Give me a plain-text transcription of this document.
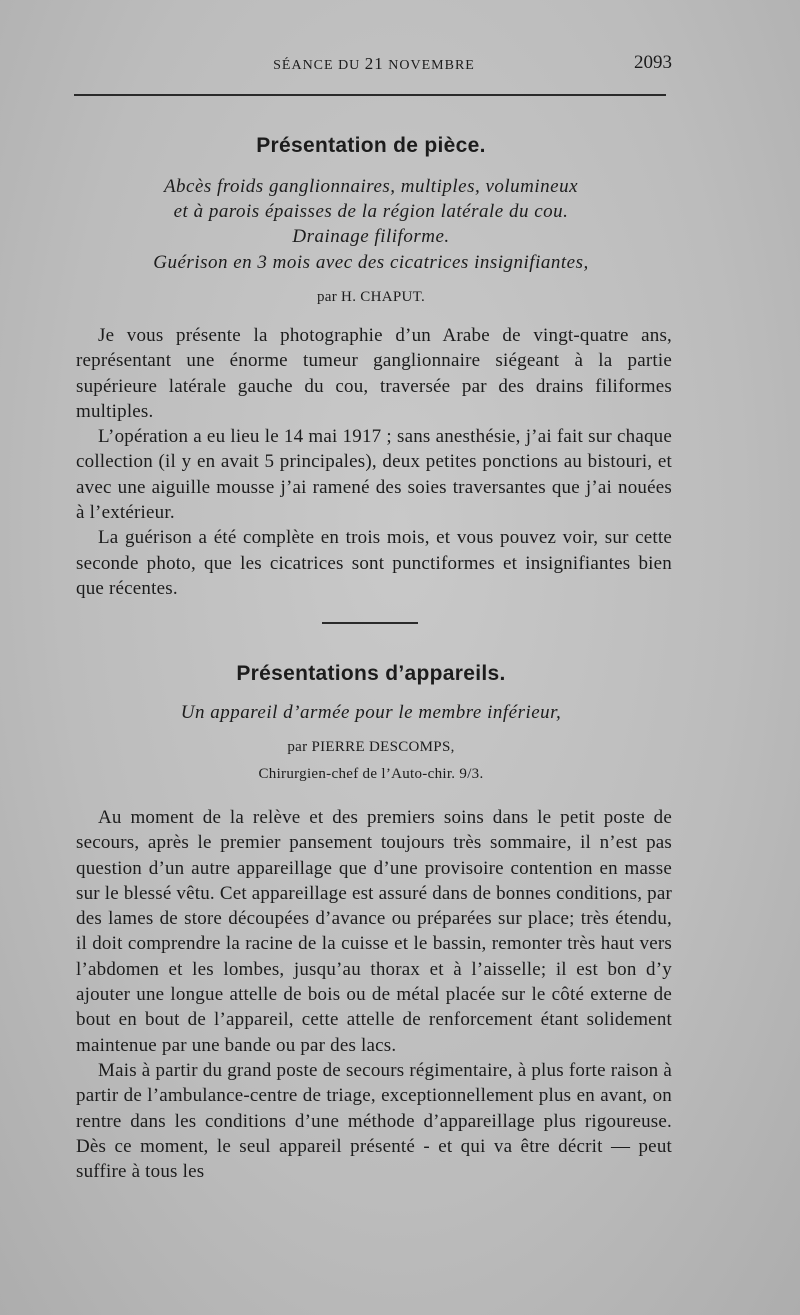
SÉANCE DU 21 NOVEMBRE	2093
Présentation de pièce.
Abcès froids ganglionnaires, multiples, volumineux
et à parois épaisses de la région latérale du cou.
Drainage filiforme.
Guérison en 3 mois avec des cicatrices insignifiantes,
par H. CHAPUT.

Je vous présente la photographie d’un Arabe de vingt-quatre ans, représentant une énorme tumeur ganglionnaire siégeant à la partie supérieure latérale gauche du cou, traversée par des drains filiformes multiples.

L’opération a eu lieu le 14 mai 1917 ; sans anesthésie, j’ai fait sur chaque collection (il y en avait 5 principales), deux petites ponctions au bistouri, et avec une aiguille mousse j’ai ramené des soies traversantes que j’ai nouées à l’extérieur.

La guérison a été complète en trois mois, et vous pouvez voir, sur cette seconde photo, que les cicatrices sont punctiformes et insignifiantes bien que récentes.

Présentations d’appareils.
Un appareil d’armée pour le membre inférieur,
par PIERRE DESCOMPS,
Chirurgien-chef de l’Auto-chir. 9/3.

Au moment de la relève et des premiers soins dans le petit poste de secours, après le premier pansement toujours très sommaire, il n’est pas question d’un autre appareillage que d’une provisoire contention en masse sur le blessé vêtu. Cet appareillage est assuré dans de bonnes conditions, par des lames de store découpées d’avance ou préparées sur place; très étendu, il doit comprendre la racine de la cuisse et le bassin, remonter très haut vers l’abdomen et les lombes, jusqu’au thorax et à l’aisselle; il est bon d’y ajouter une longue attelle de bois ou de métal placée sur le côté externe de bout en bout de l’appareil, cette attelle de renforcement étant solidement maintenue par une bande ou par des lacs.

Mais à partir du grand poste de secours régimentaire, à plus forte raison à partir de l’ambulance-centre de triage, exceptionnellement plus en avant, on rentre dans les conditions d’une méthode d’appareillage plus rigoureuse. Dès ce moment, le seul appareil présenté - et qui va être décrit — peut suffire à tous les
